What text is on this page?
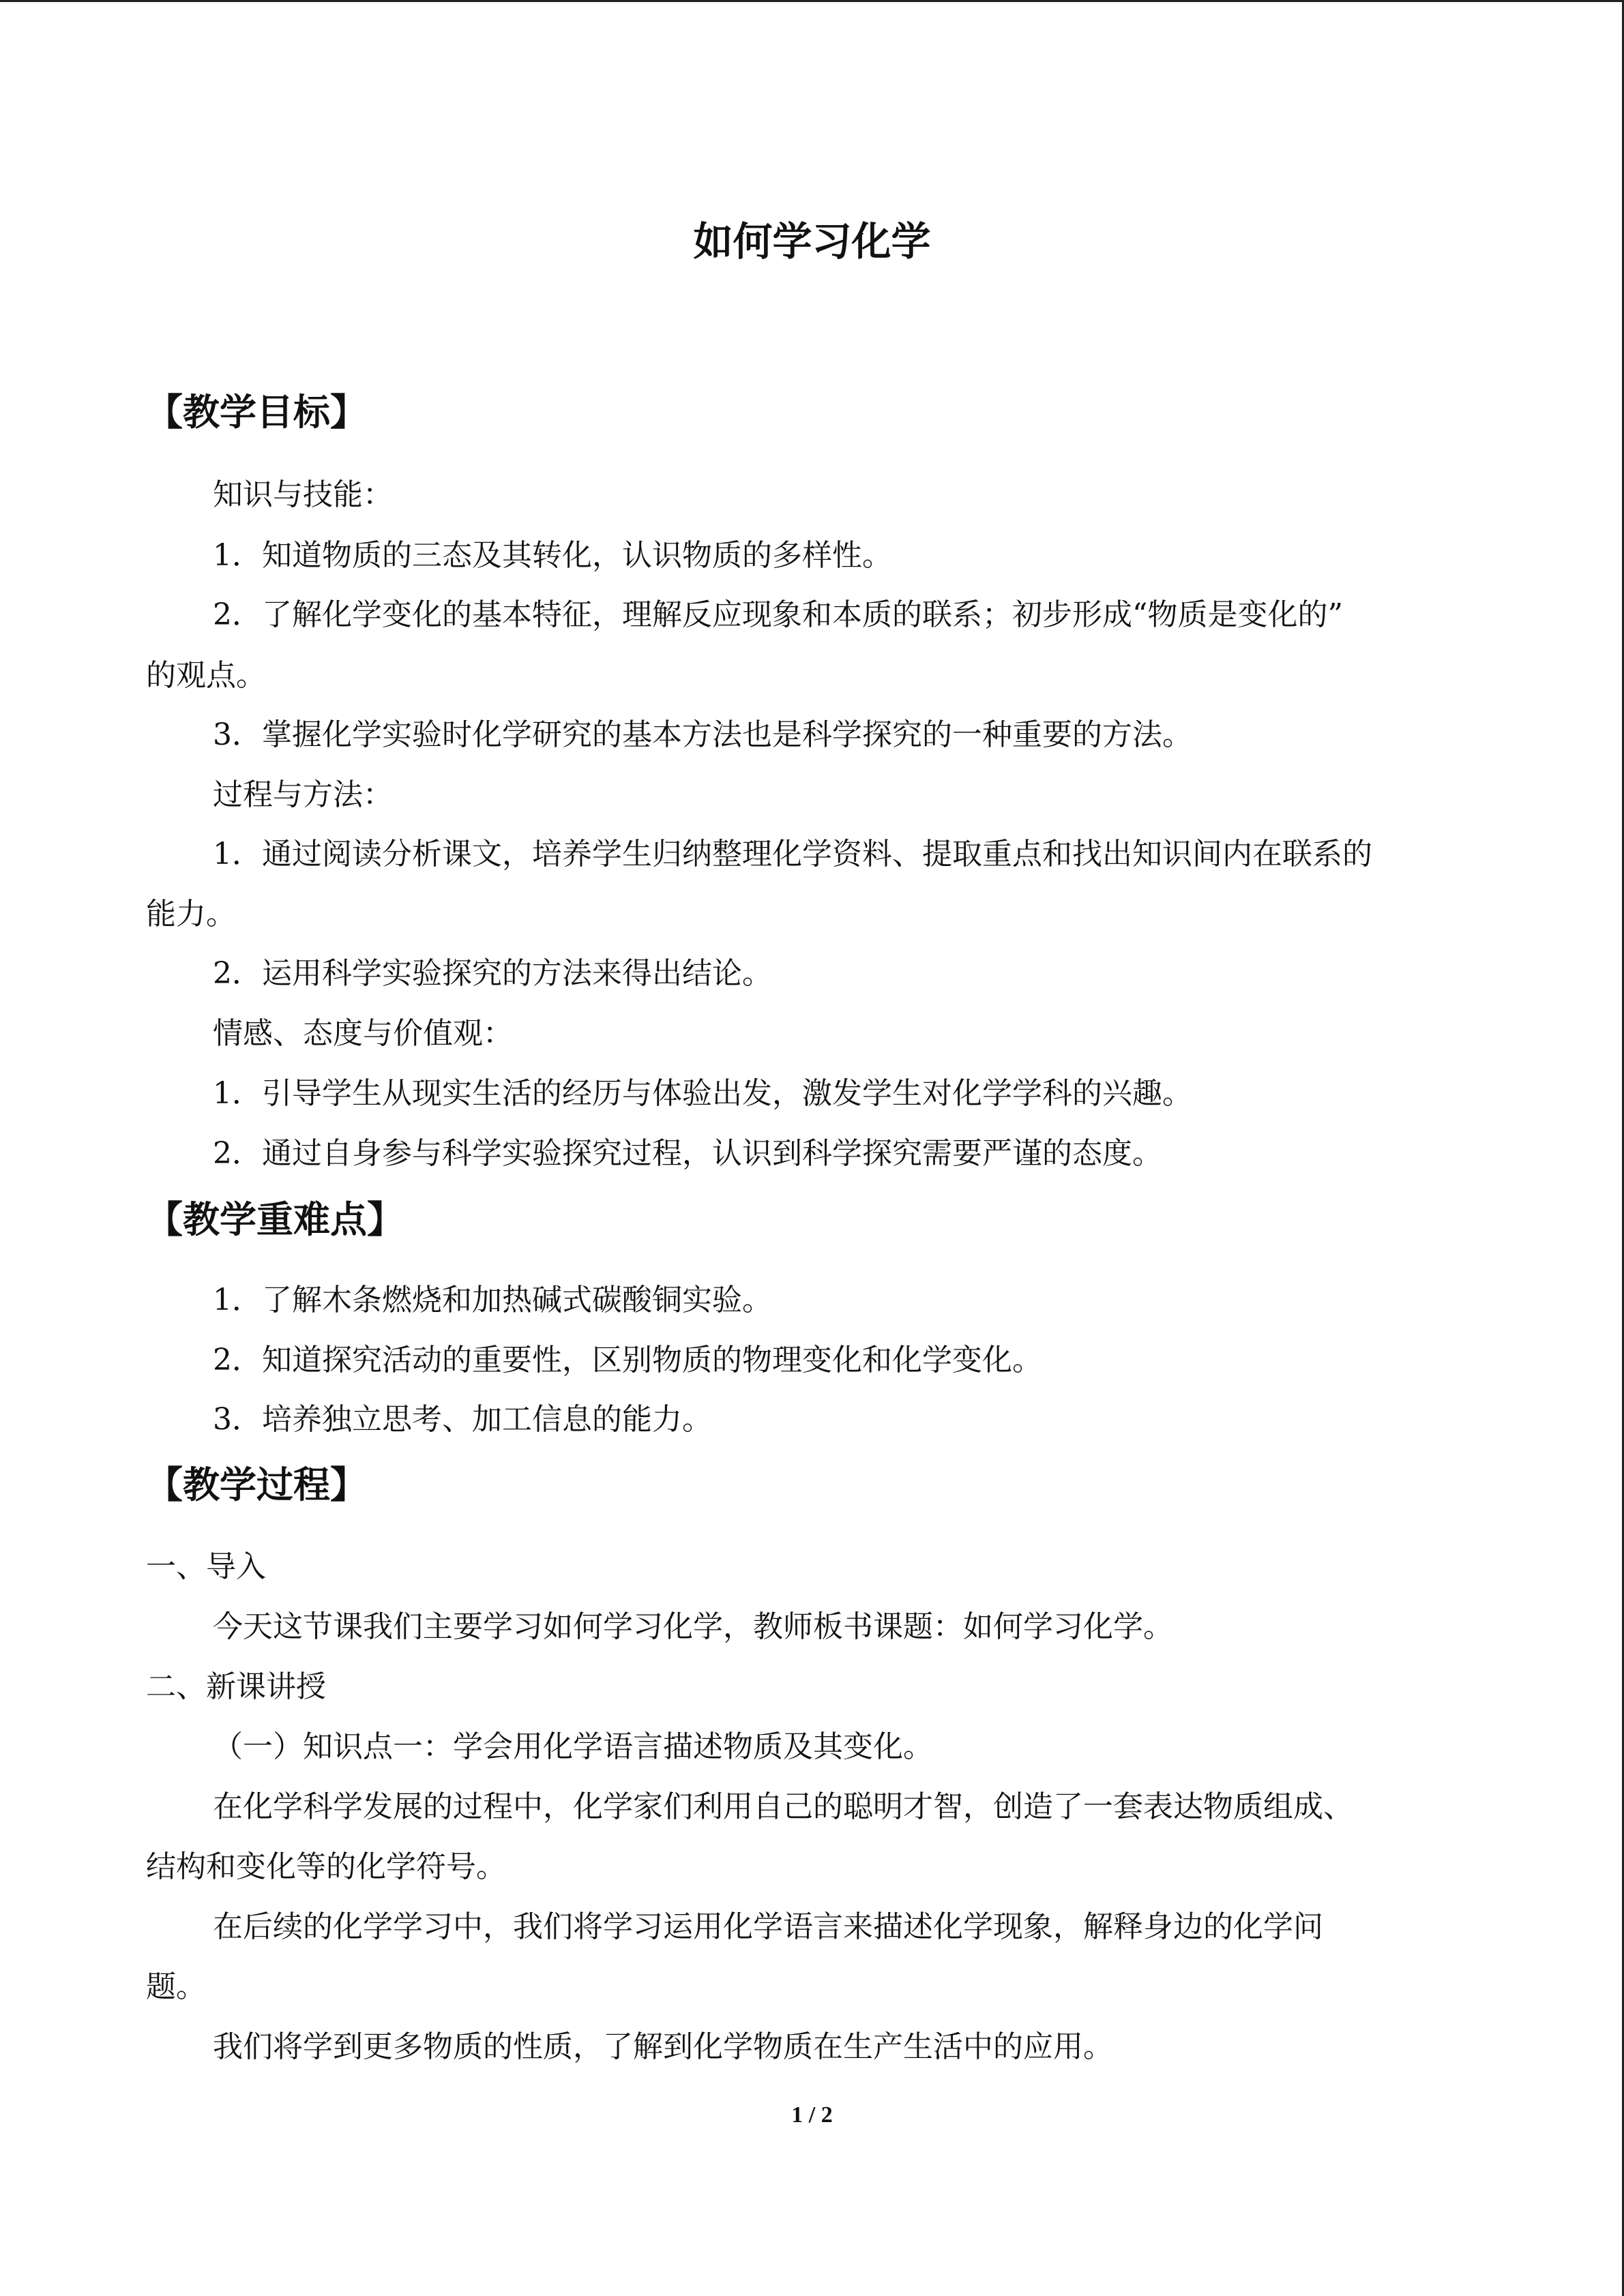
如何学习化学
【教学目标】
知识与技能：
1．知道物质的三态及其转化，认识物质的多样性。
2．了解化学变化的基本特征，理解反应现象和本质的联系；初步形成“物质是变化的”
的观点。
3．掌握化学实验时化学研究的基本方法也是科学探究的一种重要的方法。
过程与方法：
1．通过阅读分析课文，培养学生归纳整理化学资料、提取重点和找出知识间内在联系的
能力。
2．运用科学实验探究的方法来得出结论。
情感、态度与价值观：
1．引导学生从现实生活的经历与体验出发，激发学生对化学学科的兴趣。
2．通过自身参与科学实验探究过程，认识到科学探究需要严谨的态度。
【教学重难点】
1．了解木条燃烧和加热碱式碳酸铜实验。
2．知道探究活动的重要性，区别物质的物理变化和化学变化。
3．培养独立思考、加工信息的能力。
【教学过程】
一、导入
今天这节课我们主要学习如何学习化学，教师板书课题：如何学习化学。
二、新课讲授
（一）知识点一：学会用化学语言描述物质及其变化。
在化学科学发展的过程中，化学家们利用自己的聪明才智，创造了一套表达物质组成、
结构和变化等的化学符号。
在后续的化学学习中，我们将学习运用化学语言来描述化学现象，解释身边的化学问
题。
我们将学到更多物质的性质，了解到化学物质在生产生活中的应用。
1 / 2
